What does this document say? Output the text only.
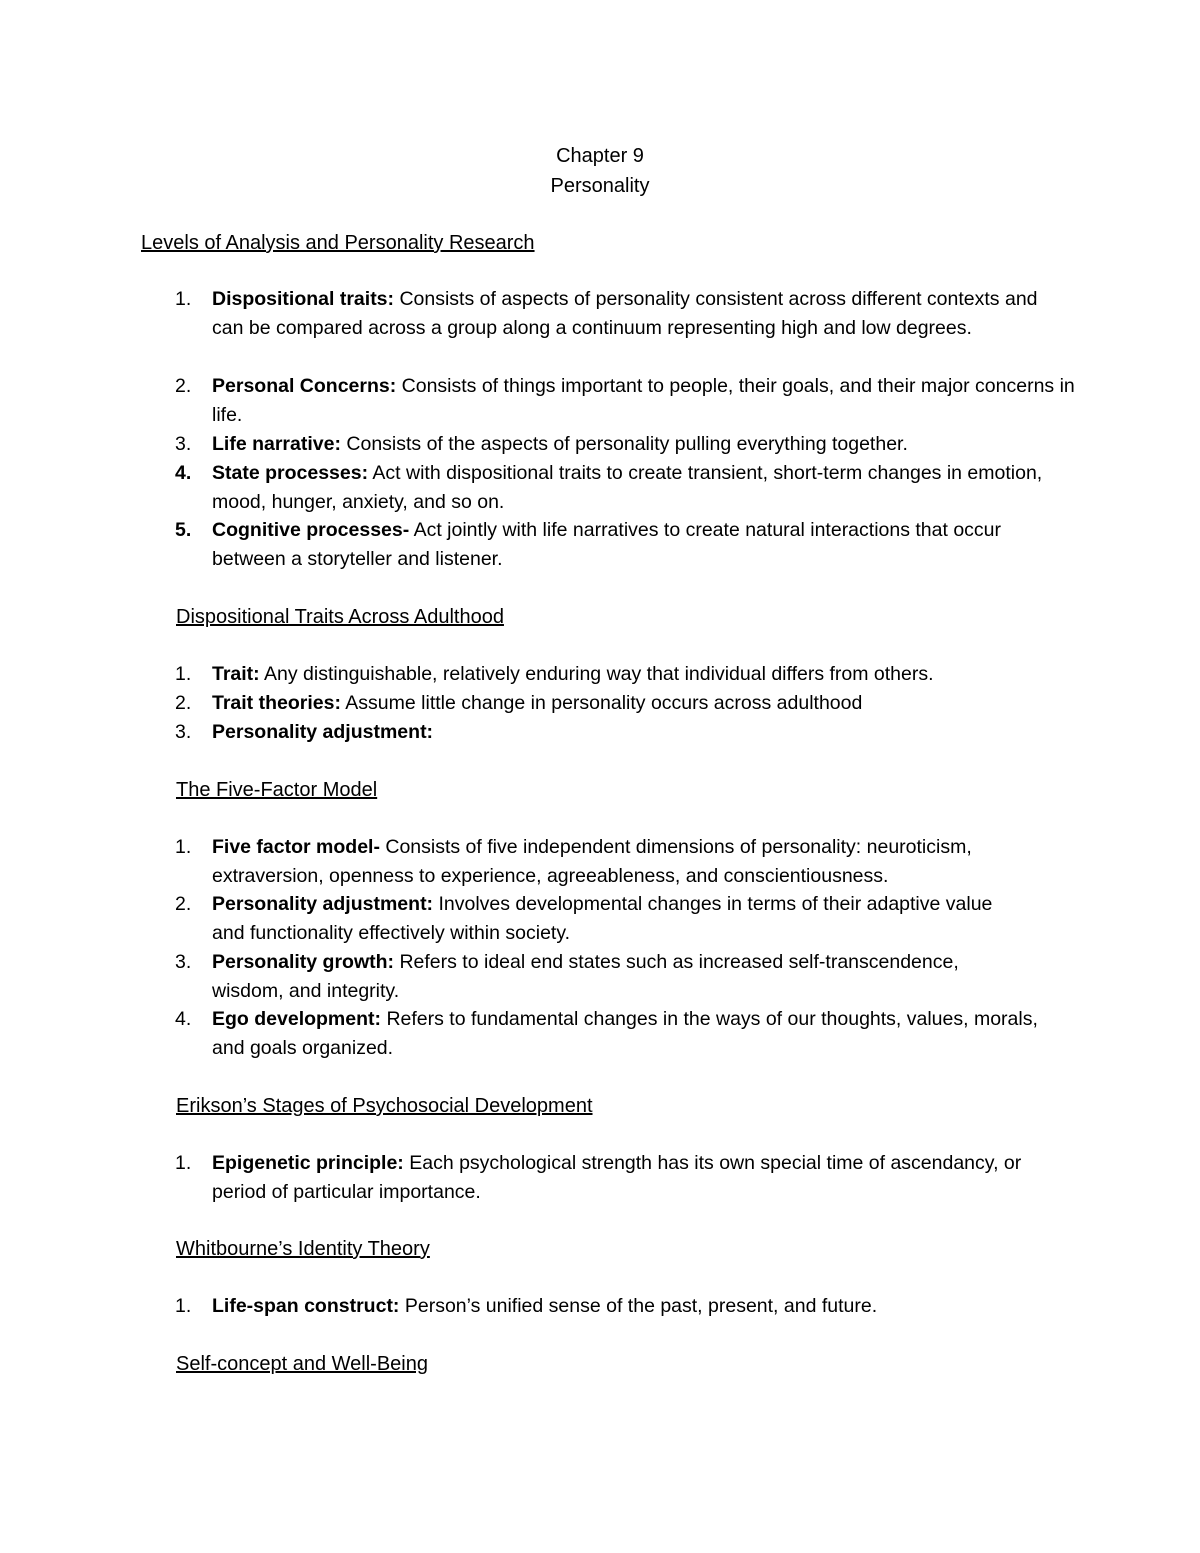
Chapter 9
Personality
Levels of Analysis and Personality Research
1.	Dispositional traits: Consists of aspects of personality consistent across different contexts and can be compared across a group along a continuum representing high and low degrees.
2.	Personal Concerns: Consists of things important to people, their goals, and their major concerns in life.
3.	Life narrative: Consists of the aspects of personality pulling everything together.
4.	State processes: Act with dispositional traits to create transient, short-term changes in emotion, mood, hunger, anxiety, and so on.
5.	Cognitive processes- Act jointly with life narratives to create natural interactions that occur between a storyteller and listener.
Dispositional Traits Across Adulthood
1.	Trait: Any distinguishable, relatively enduring way that individual differs from others.
2.	Trait theories: Assume little change in personality occurs across adulthood
3.	Personality adjustment:
The Five-Factor Model
1.	Five factor model- Consists of five independent dimensions of personality: neuroticism, extraversion, openness to experience, agreeableness, and conscientiousness.
2.	Personality adjustment: Involves developmental changes in terms of their adaptive value and functionality effectively within society.
3.	Personality growth: Refers to ideal end states such as increased self-transcendence, wisdom, and integrity.
4.	Ego development: Refers to fundamental changes in the ways of our thoughts, values, morals, and goals organized.
Erikson’s Stages of Psychosocial Development
1.	Epigenetic principle: Each psychological strength has its own special time of ascendancy, or period of particular importance.
Whitbourne’s Identity Theory
1.	Life-span construct: Person’s unified sense of the past, present, and future.
Self-concept and Well-Being
